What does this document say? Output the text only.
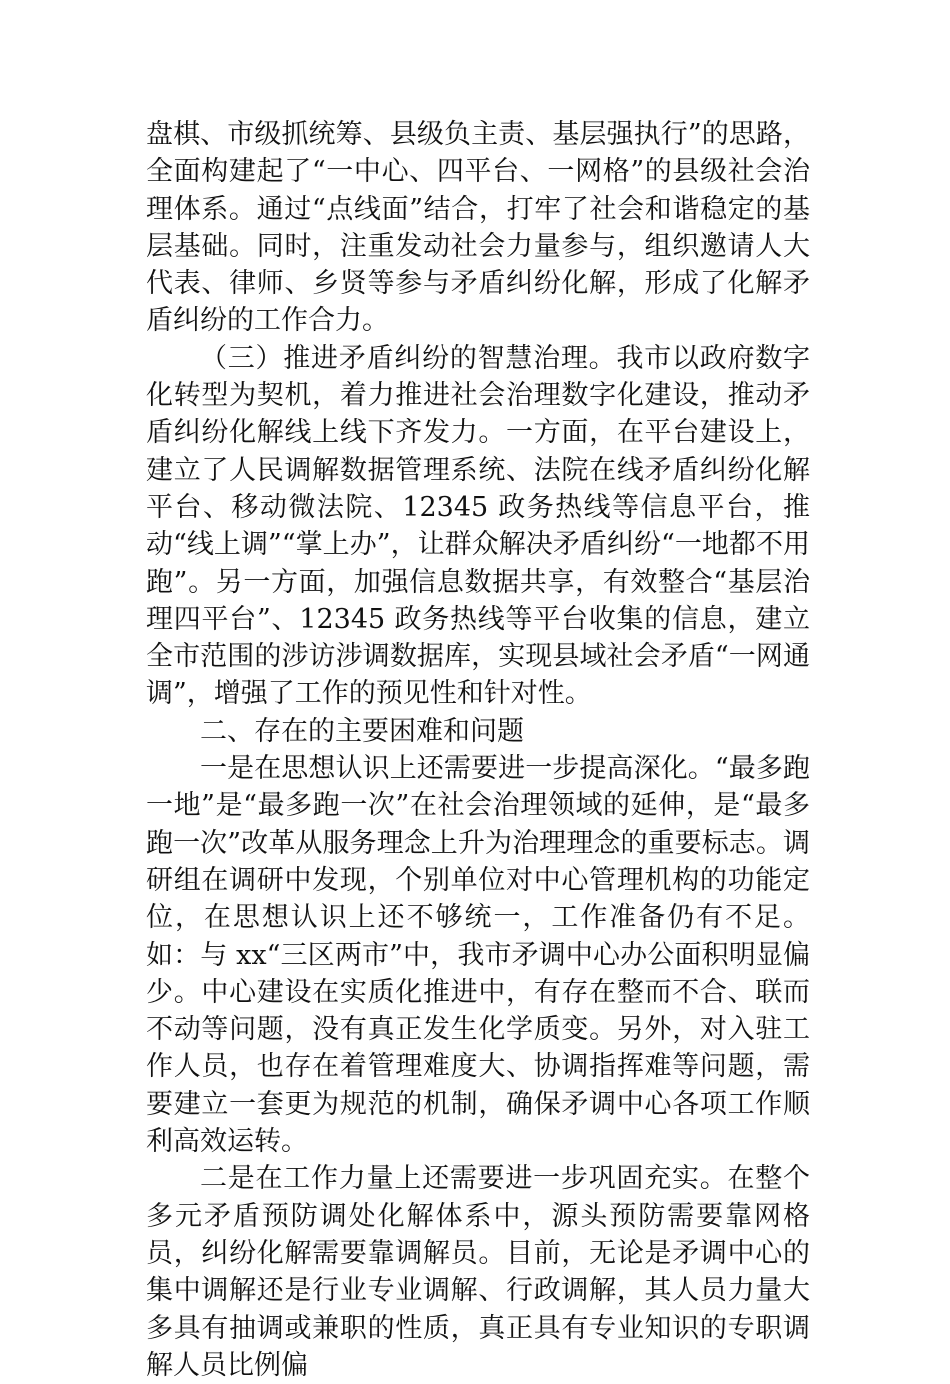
盘棋、市级抓统筹、县级负主责、基层强执行”的思路，全面构建起了“一中心、四平台、一网格”的县级社会治理体系。通过“点线面”结合，打牢了社会和谐稳定的基层基础。同时，注重发动社会力量参与，组织邀请人大代表、律师、乡贤等参与矛盾纠纷化解，形成了化解矛盾纠纷的工作合力。

（三）推进矛盾纠纷的智慧治理。我市以政府数字化转型为契机，着力推进社会治理数字化建设，推动矛盾纠纷化解线上线下齐发力。一方面，在平台建设上，建立了人民调解数据管理系统、法院在线矛盾纠纷化解平台、移动微法院、12345 政务热线等信息平台，推动“线上调”“掌上办”，让群众解决矛盾纠纷“一地都不用跑”。另一方面，加强信息数据共享，有效整合“基层治理四平台”、12345 政务热线等平台收集的信息，建立全市范围的涉访涉调数据库，实现县域社会矛盾“一网通调”，增强了工作的预见性和针对性。

二、存在的主要困难和问题

一是在思想认识上还需要进一步提高深化。“最多跑一地”是“最多跑一次”在社会治理领域的延伸，是“最多跑一次”改革从服务理念上升为治理理念的重要标志。调研组在调研中发现，个别单位对中心管理机构的功能定位，在思想认识上还不够统一，工作准备仍有不足。如：与 xx“三区两市”中，我市矛调中心办公面积明显偏少。中心建设在实质化推进中，有存在整而不合、联而不动等问题，没有真正发生化学质变。另外，对入驻工作人员，也存在着管理难度大、协调指挥难等问题，需要建立一套更为规范的机制，确保矛调中心各项工作顺利高效运转。

二是在工作力量上还需要进一步巩固充实。在整个多元矛盾预防调处化解体系中，源头预防需要靠网格员，纠纷化解需要靠调解员。目前，无论是矛调中心的集中调解还是行业专业调解、行政调解，其人员力量大多具有抽调或兼职的性质，真正具有专业知识的专职调解人员比例偏
